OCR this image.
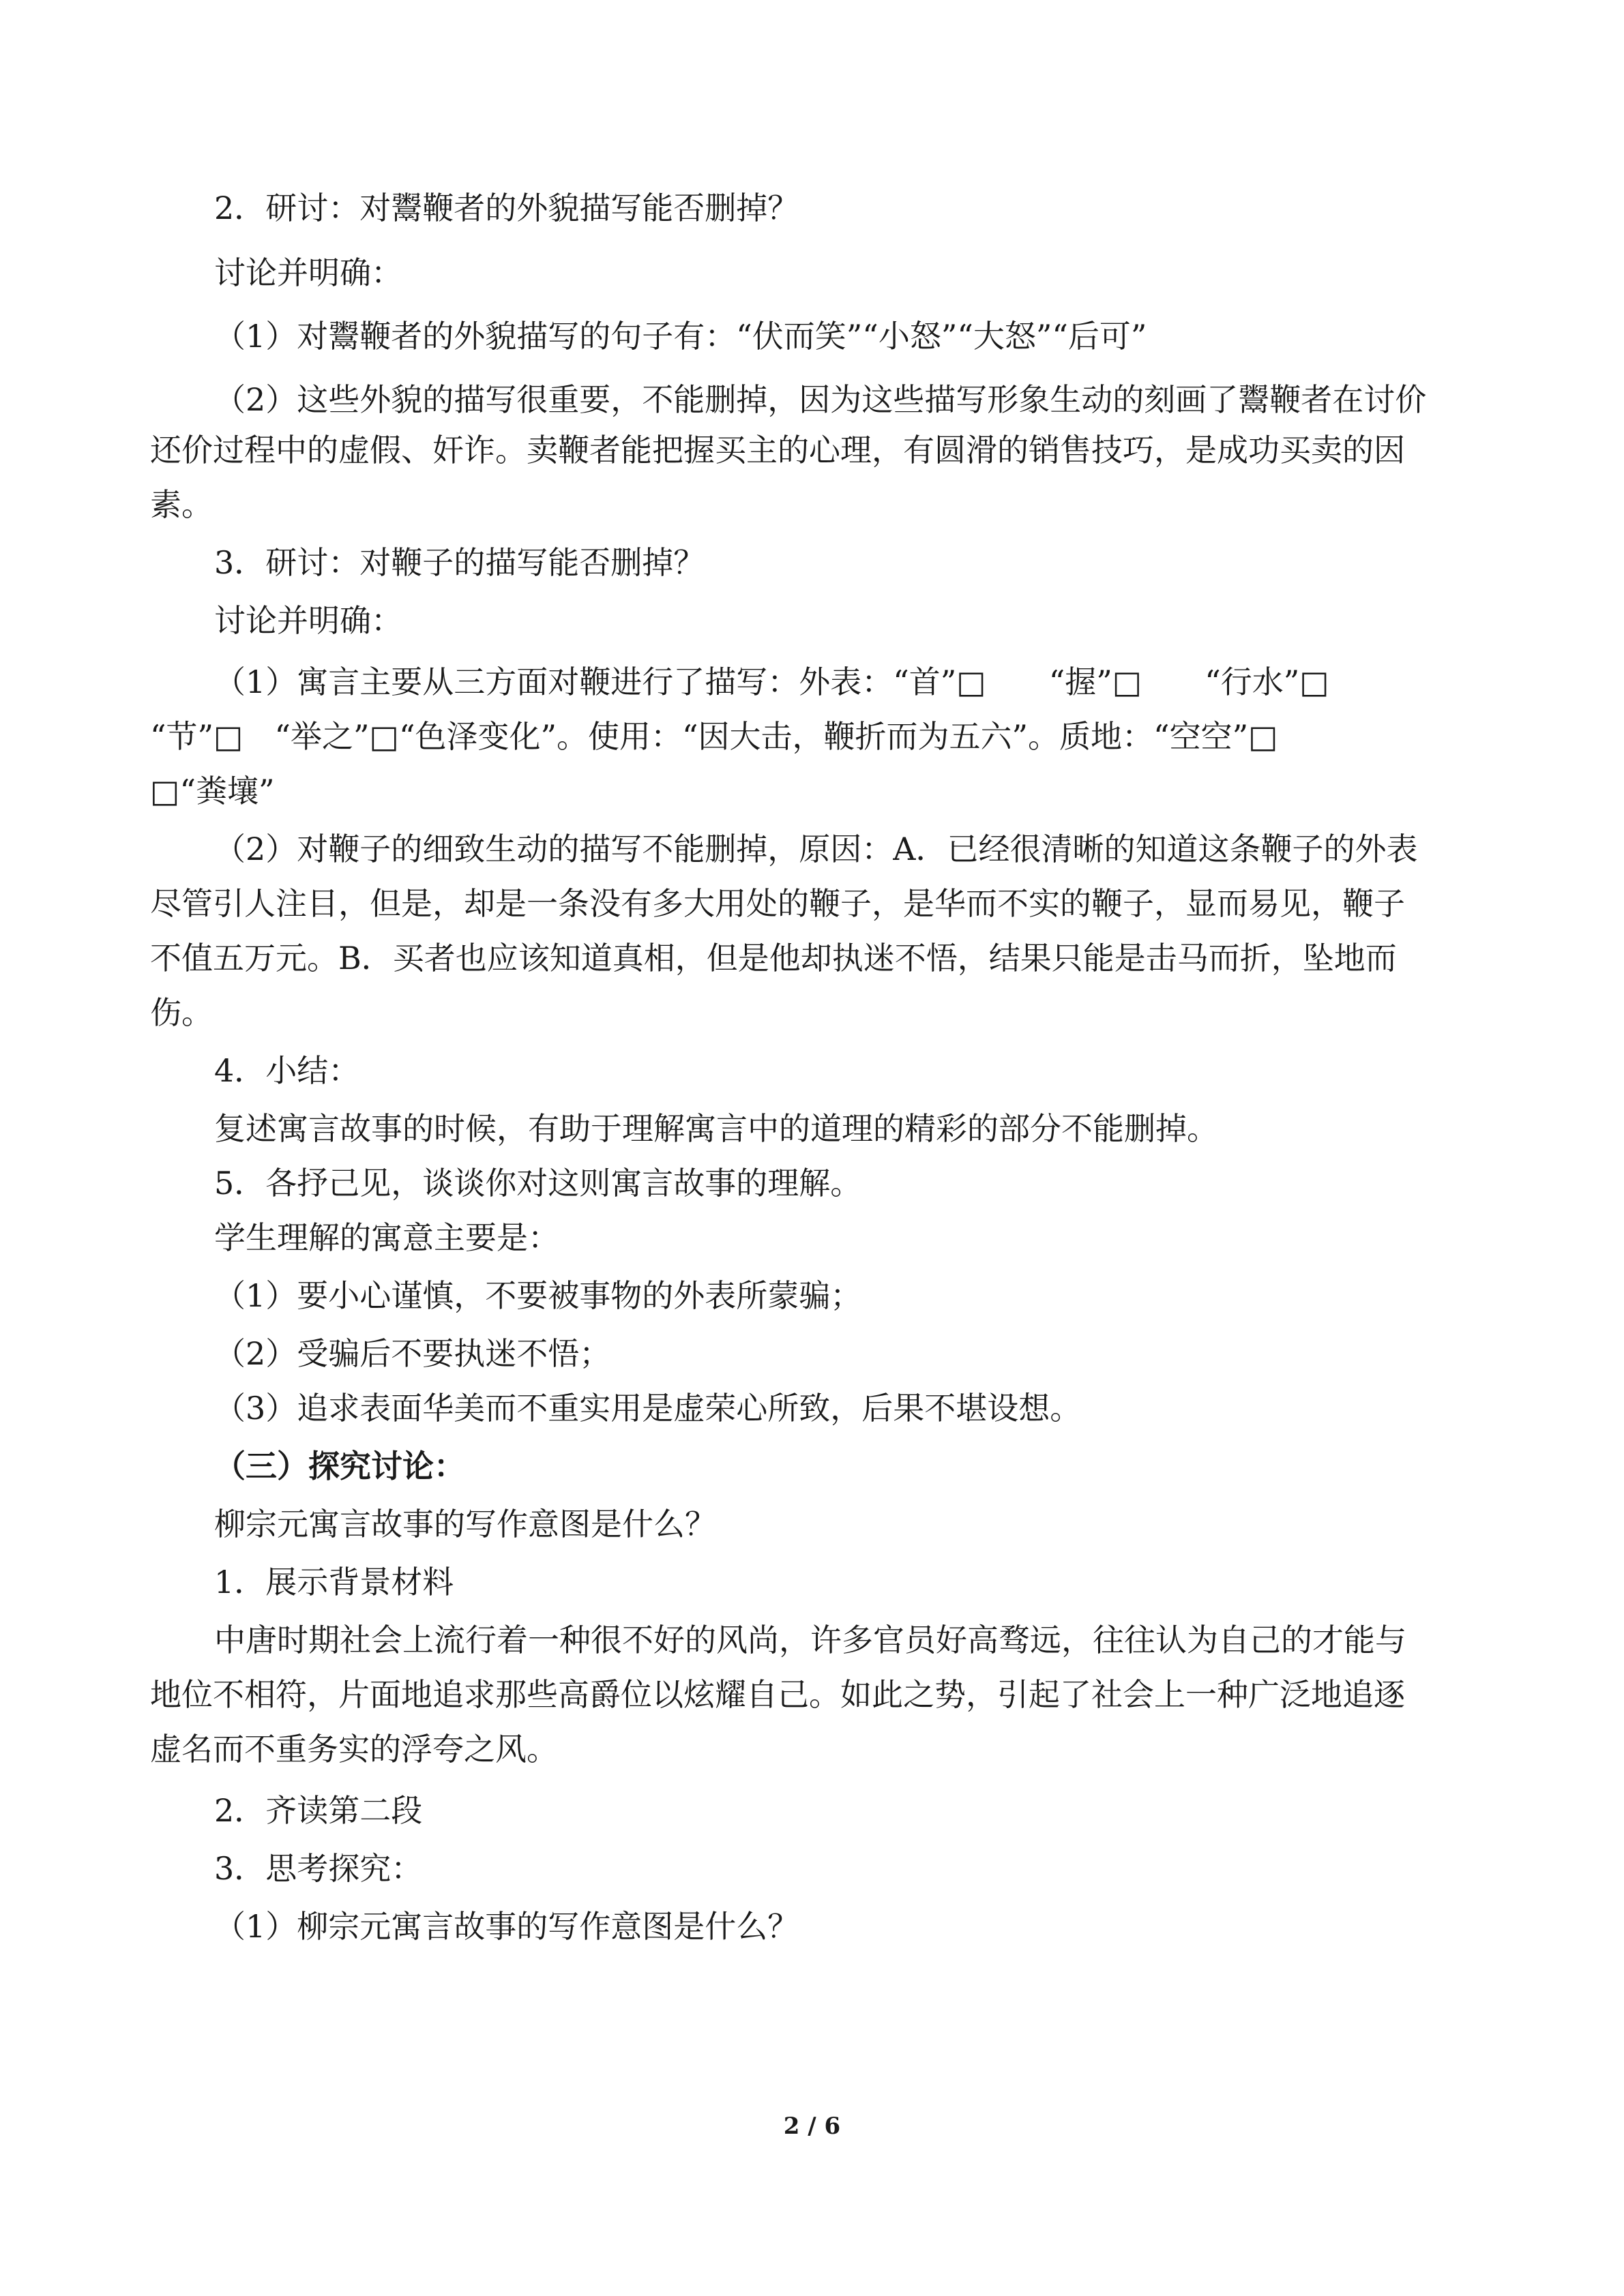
2．研讨：对鬻鞭者的外貌描写能否删掉？
讨论并明确：
（1）对鬻鞭者的外貌描写的句子有：“伏而笑”“小怒”“大怒”“后可”
（2）这些外貌的描写很重要，不能删掉，因为这些描写形象生动的刻画了鬻鞭者在讨价
还价过程中的虚假、奸诈。卖鞭者能把握买主的心理，有圆滑的销售技巧，是成功买卖的因
素。
3．研讨：对鞭子的描写能否删掉？
讨论并明确：
（1）寓言主要从三方面对鞭进行了描写：外表：“首”□　　“握”□　　“行水”□
“节”□　“举之”□“色泽变化”。使用：“因大击，鞭折而为五六”。质地：“空空”□
□“粪壤”
（2）对鞭子的细致生动的描写不能删掉，原因：A．已经很清晰的知道这条鞭子的外表
尽管引人注目，但是，却是一条没有多大用处的鞭子，是华而不实的鞭子，显而易见，鞭子
不值五万元。B．买者也应该知道真相，但是他却执迷不悟，结果只能是击马而折，坠地而
伤。
4．小结：
复述寓言故事的时候，有助于理解寓言中的道理的精彩的部分不能删掉。
5．各抒己见，谈谈你对这则寓言故事的理解。
学生理解的寓意主要是：
（1）要小心谨慎，不要被事物的外表所蒙骗；
（2）受骗后不要执迷不悟；
（3）追求表面华美而不重实用是虚荣心所致，后果不堪设想。
（三）探究讨论：
柳宗元寓言故事的写作意图是什么？
1．展示背景材料
中唐时期社会上流行着一种很不好的风尚，许多官员好高骛远，往往认为自己的才能与
地位不相符，片面地追求那些高爵位以炫耀自己。如此之势，引起了社会上一种广泛地追逐
虚名而不重务实的浮夸之风。
2．齐读第二段
3．思考探究：
（1）柳宗元寓言故事的写作意图是什么？
2 / 6
